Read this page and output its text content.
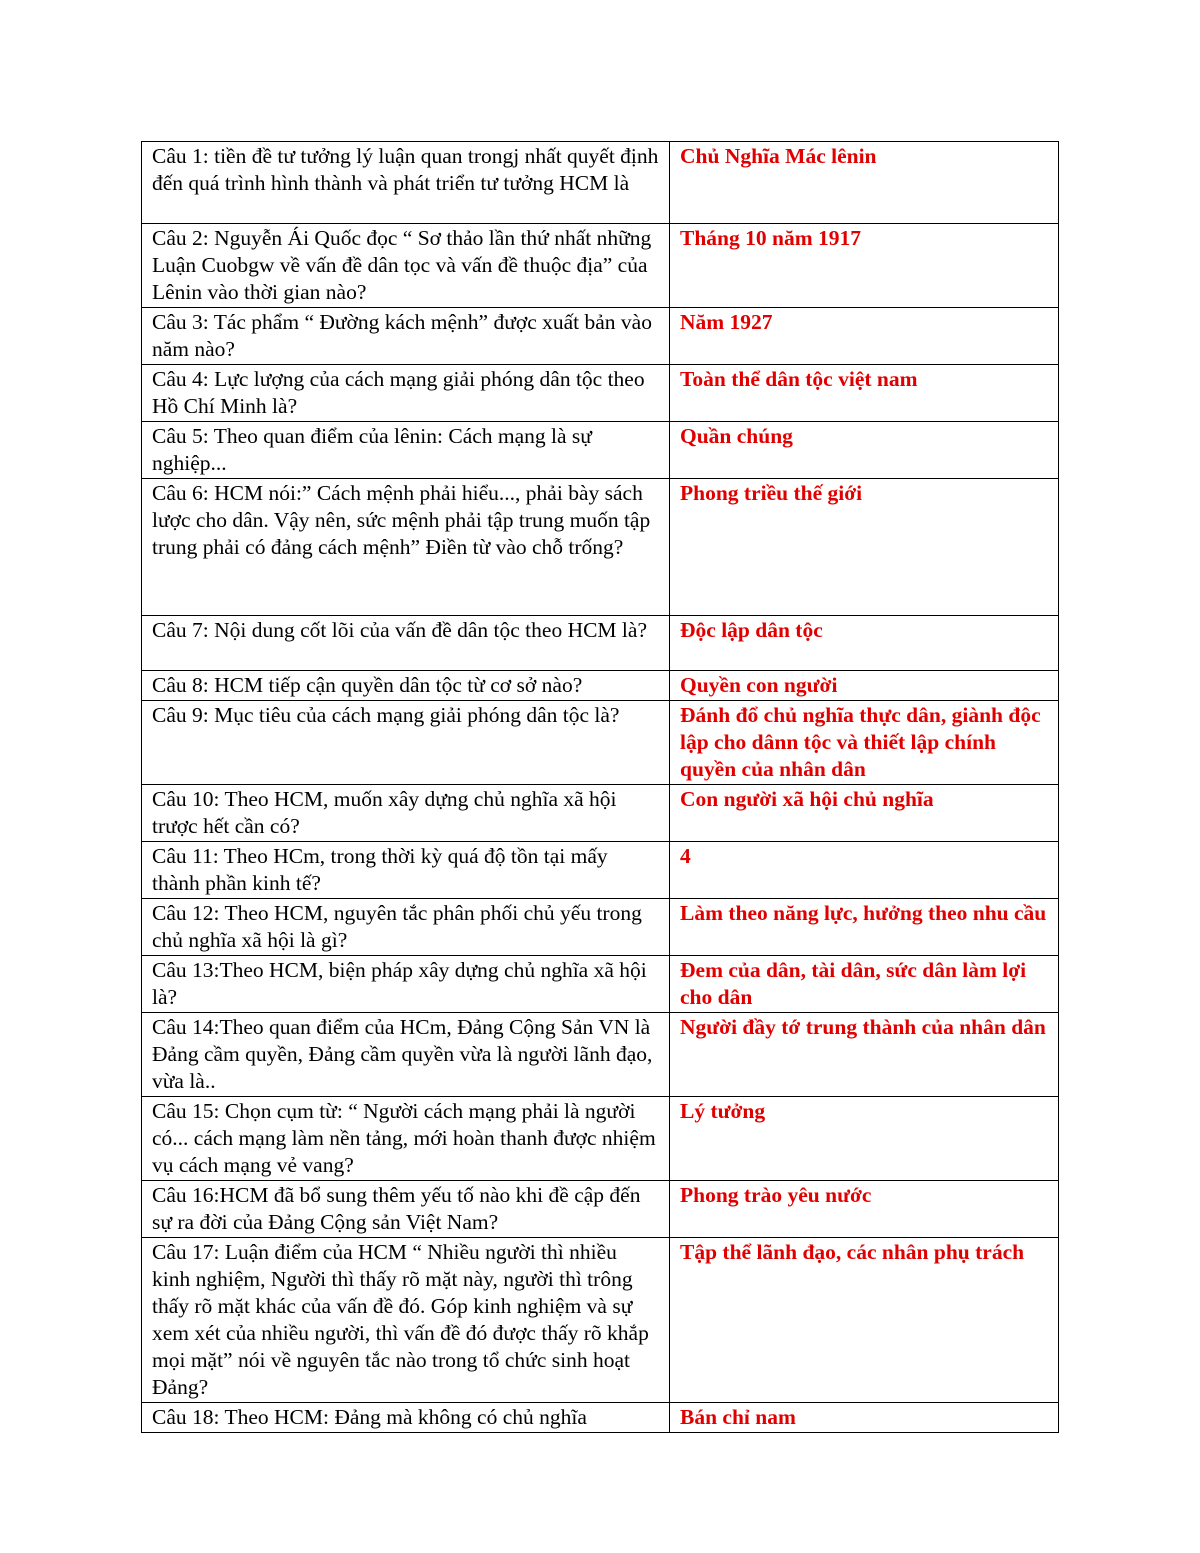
Câu 1: tiền đề tư tưởng lý luận quan trongj nhất quyết định đến quá trình hình thành và phát triển tư tưởng HCM là	Chủ Nghĩa Mác lênin
Câu 2: Nguyễn Ái Quốc đọc “ Sơ thảo lần thứ nhất những Luận Cuobgw về vấn đề dân tọc và vấn đề thuộc địa” của Lênin vào thời gian nào?	Tháng 10 năm 1917
Câu 3: Tác phẩm “ Đường kách mệnh” được xuất bản vào năm nào?	Năm 1927
Câu 4: Lực lượng của cách mạng giải phóng dân tộc theo Hồ Chí Minh là?	Toàn thể dân tộc việt nam
Câu 5: Theo quan điểm của lênin: Cách mạng là sự nghiệp...	Quần chúng
Câu 6: HCM nói:” Cách mệnh phải hiểu..., phải bày sách lược cho dân. Vậy nên, sức mệnh phải tập trung muốn tập trung phải có đảng cách mệnh” Điền từ vào chỗ trống?	Phong triều thế giới
Câu 7: Nội dung cốt lõi của vấn đề dân tộc theo HCM là?	Độc lập dân tộc
Câu 8: HCM tiếp cận quyền dân tộc từ cơ sở nào?	Quyền con người
Câu 9: Mục tiêu của cách mạng giải phóng dân tộc là?	Đánh đổ chủ nghĩa thực dân, giành độc lập cho dânn tộc và thiết lập chính quyền của nhân dân
Câu 10: Theo HCM, muốn xây dựng chủ nghĩa xã hội trược hết cần có?	Con người xã hội chủ nghĩa
Câu 11: Theo HCm, trong thời kỳ quá độ tồn tại mấy thành phần kinh tế?	4
Câu 12: Theo HCM, nguyên tắc phân phối chủ yếu trong chủ nghĩa xã hội là gì?	Làm theo năng lực, hưởng theo nhu cầu
Câu 13:Theo HCM, biện pháp xây dựng chủ nghĩa xã hội là?	Đem của dân, tài dân, sức dân làm lợi cho dân
Câu 14:Theo quan điểm của HCm, Đảng Cộng Sản VN là Đảng cầm quyền, Đảng cầm quyền vừa là người lãnh đạo, vừa là..	Người đầy tớ trung thành của nhân dân
Câu 15: Chọn cụm từ: “ Người cách mạng phải là người có... cách mạng làm nền tảng, mới hoàn thanh được nhiệm vụ cách mạng vẻ vang?	Lý tưởng
Câu 16:HCM đã bổ sung thêm yếu tố nào khi đề cập đến sự ra đời của Đảng Cộng sản Việt Nam?	Phong trào yêu nước
Câu 17: Luận điểm của HCM “ Nhiều người thì nhiều kinh nghiệm, Người thì thấy rõ mặt này, người thì trông thấy rõ mặt khác của vấn đề đó. Góp kinh nghiệm và sự xem xét của nhiều người, thì vấn đề đó được thấy rõ khắp mọi mặt” nói về nguyên tắc nào trong tổ chức sinh hoạt Đảng?	Tập thể lãnh đạo, các nhân phụ trách
Câu 18: Theo HCM: Đảng mà không có chủ nghĩa	Bán chỉ nam
